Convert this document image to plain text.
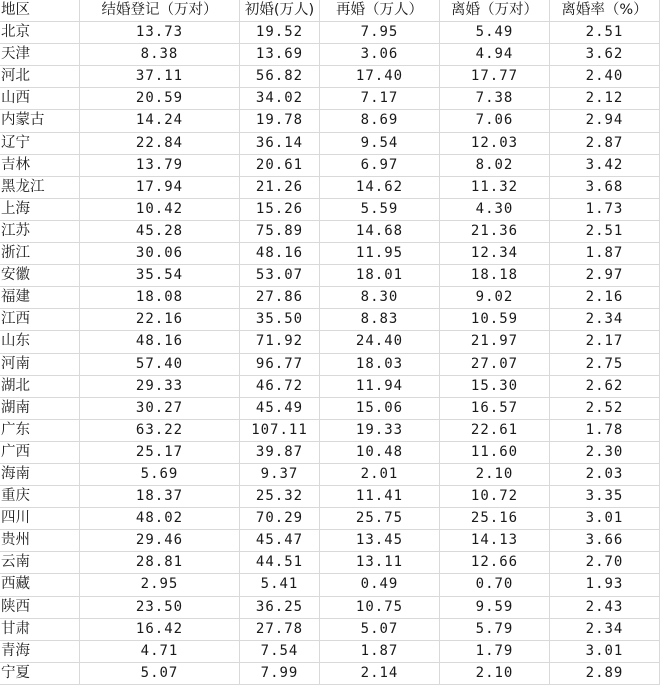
地区	结婚登记（万对）	初婚(万人)	再婚（万人）	离婚（万对）	离婚率（%）
北京	13.73	19.52	7.95	5.49	2.51
天津	8.38	13.69	3.06	4.94	3.62
河北	37.11	56.82	17.40	17.77	2.40
山西	20.59	34.02	7.17	7.38	2.12
内蒙古	14.24	19.78	8.69	7.06	2.94
辽宁	22.84	36.14	9.54	12.03	2.87
吉林	13.79	20.61	6.97	8.02	3.42
黑龙江	17.94	21.26	14.62	11.32	3.68
上海	10.42	15.26	5.59	4.30	1.73
江苏	45.28	75.89	14.68	21.36	2.51
浙江	30.06	48.16	11.95	12.34	1.87
安徽	35.54	53.07	18.01	18.18	2.97
福建	18.08	27.86	8.30	9.02	2.16
江西	22.16	35.50	8.83	10.59	2.34
山东	48.16	71.92	24.40	21.97	2.17
河南	57.40	96.77	18.03	27.07	2.75
湖北	29.33	46.72	11.94	15.30	2.62
湖南	30.27	45.49	15.06	16.57	2.52
广东	63.22	107.11	19.33	22.61	1.78
广西	25.17	39.87	10.48	11.60	2.30
海南	5.69	9.37	2.01	2.10	2.03
重庆	18.37	25.32	11.41	10.72	3.35
四川	48.02	70.29	25.75	25.16	3.01
贵州	29.46	45.47	13.45	14.13	3.66
云南	28.81	44.51	13.11	12.66	2.70
西藏	2.95	5.41	0.49	0.70	1.93
陕西	23.50	36.25	10.75	9.59	2.43
甘肃	16.42	27.78	5.07	5.79	2.34
青海	4.71	7.54	1.87	1.79	3.01
宁夏	5.07	7.99	2.14	2.10	2.89
